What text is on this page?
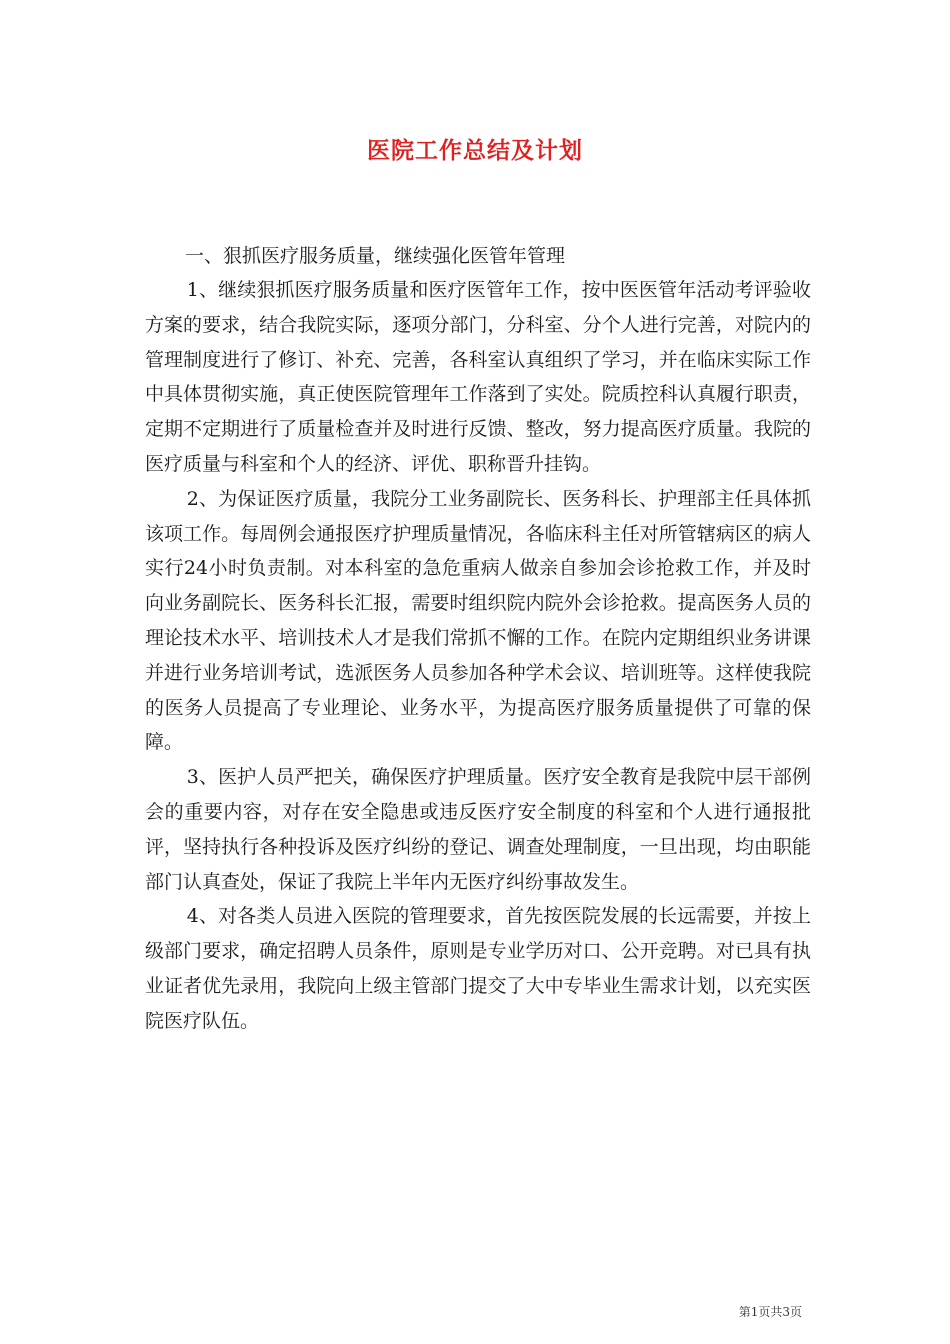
医院工作总结及计划

一、狠抓医疗服务质量，继续强化医管年管理

1、继续狠抓医疗服务质量和医疗医管年工作，按中医医管年活动考评验收方案的要求，结合我院实际，逐项分部门，分科室、分个人进行完善，对院内的管理制度进行了修订、补充、完善，各科室认真组织了学习，并在临床实际工作中具体贯彻实施，真正使医院管理年工作落到了实处。院质控科认真履行职责，定期不定期进行了质量检查并及时进行反馈、整改，努力提高医疗质量。我院的医疗质量与科室和个人的经济、评优、职称晋升挂钩。

2、为保证医疗质量，我院分工业务副院长、医务科长、护理部主任具体抓该项工作。每周例会通报医疗护理质量情况，各临床科主任对所管辖病区的病人实行24小时负责制。对本科室的急危重病人做亲自参加会诊抢救工作，并及时向业务副院长、医务科长汇报，需要时组织院内院外会诊抢救。提高医务人员的理论技术水平、培训技术人才是我们常抓不懈的工作。在院内定期组织业务讲课并进行业务培训考试，选派医务人员参加各种学术会议、培训班等。这样使我院的医务人员提高了专业理论、业务水平，为提高医疗服务质量提供了可靠的保障。

3、医护人员严把关，确保医疗护理质量。医疗安全教育是我院中层干部例会的重要内容，对存在安全隐患或违反医疗安全制度的科室和个人进行通报批评，坚持执行各种投诉及医疗纠纷的登记、调查处理制度，一旦出现，均由职能部门认真查处，保证了我院上半年内无医疗纠纷事故发生。

4、对各类人员进入医院的管理要求，首先按医院发展的长远需要，并按上级部门要求，确定招聘人员条件，原则是专业学历对口、公开竞聘。对已具有执业证者优先录用，我院向上级主管部门提交了大中专毕业生需求计划，以充实医院医疗队伍。

第1页共3页
